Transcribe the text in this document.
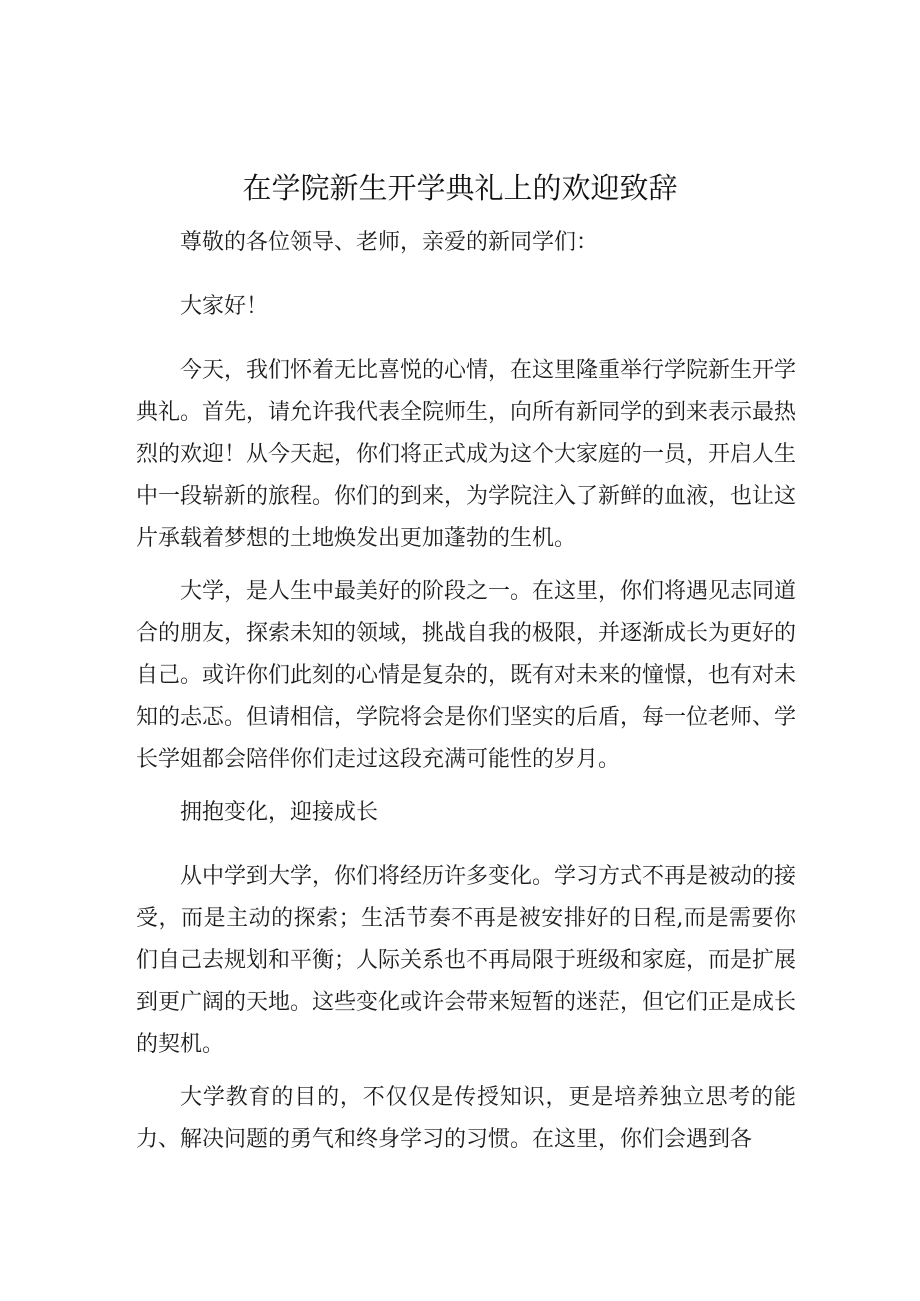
在学院新生开学典礼上的欢迎致辞

尊敬的各位领导、老师，亲爱的新同学们：

大家好！

今天，我们怀着无比喜悦的心情，在这里隆重举行学院新生开学典礼。首先，请允许我代表全院师生，向所有新同学的到来表示最热烈的欢迎！从今天起，你们将正式成为这个大家庭的一员，开启人生中一段崭新的旅程。你们的到来，为学院注入了新鲜的血液，也让这片承载着梦想的土地焕发出更加蓬勃的生机。

大学，是人生中最美好的阶段之一。在这里，你们将遇见志同道合的朋友，探索未知的领域，挑战自我的极限，并逐渐成长为更好的自己。或许你们此刻的心情是复杂的，既有对未来的憧憬，也有对未知的忐忑。但请相信，学院将会是你们坚实的后盾，每一位老师、学长学姐都会陪伴你们走过这段充满可能性的岁月。

拥抱变化，迎接成长

从中学到大学，你们将经历许多变化。学习方式不再是被动的接受，而是主动的探索；生活节奏不再是被安排好的日程,而是需要你们自己去规划和平衡；人际关系也不再局限于班级和家庭，而是扩展到更广阔的天地。这些变化或许会带来短暂的迷茫，但它们正是成长的契机。

大学教育的目的，不仅仅是传授知识，更是培养独立思考的能力、解决问题的勇气和终身学习的习惯。在这里，你们会遇到各
